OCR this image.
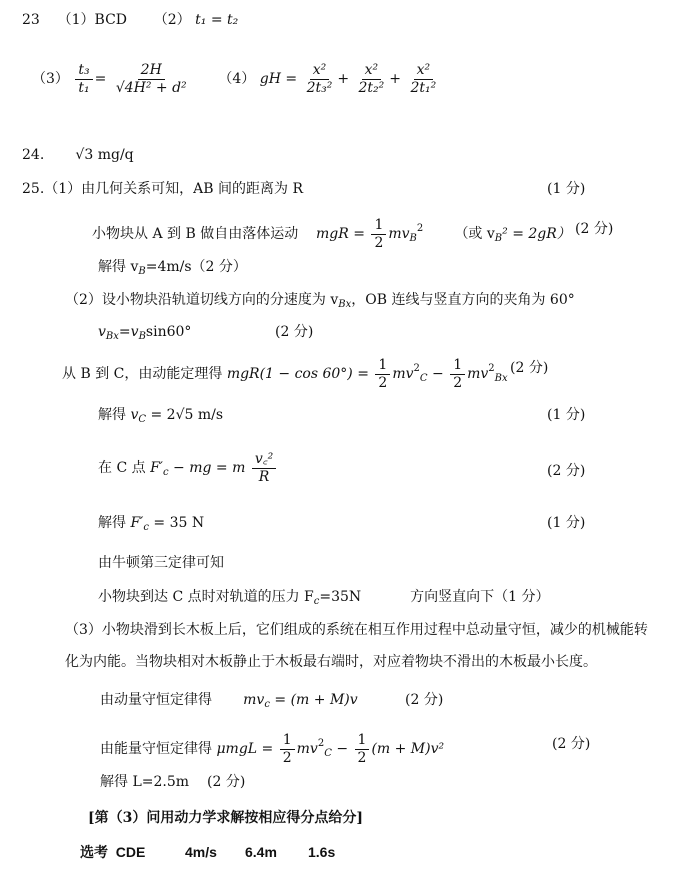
23 （1）BCD （2） t₁ = t₂
$(3) \frac{\text{t₃}}{\text{t₁}} = \frac{2H}{\text{√4H² + d²}} (4)$ gH = $\frac{\text{x²}}{\text{2t₃²}} + \frac{\text{x²}}{\text{2t₂²}} + \frac{\text{x²}}{\text{2t₁²}}$
24. √3 mg/q
25.（1）由几何关系可知，AB 间的距离为 R	(1 分)
小物块从 A 到 B 做自由落体运动 mgR = $\frac{1}{2} mv_B^2$ （或 $v_B^2 = 2gR$） (2 分)
解得 $v_B=4m/s(2$ 分）
（2）设小物块沿轨道切线方向的分速度为 $v_{Bx}$，OB 连线与竖直方向的夹角为 60°
$v_{Bx}=v_B\sin 60^\circ$	(2 分)
从 B 到 C，由动能定理得 $mgR(1 - \cos 60^\circ) = \frac{1}{2} mv^2_C - \frac{1}{2} mv^2_{Bx}$
(2 分)
解得 $v_C = 2√5$ m/s	(1 分)
在 C 点 $F'_c$ − mg = m $\frac{\text{v꜀²}}{R}$	(2 分)
解得 $F'_c = 35$ N	(1 分)
由牛顿第三定律可知
小物块到达 C 点时对轨道的压力 $F_c=35N$	方向竖直向下（1 分）
（3）小物块滑到长木板上后，它们组成的系统在相互作用过程中总动量守恒，减少的机械能转
化为内能。当物块相对木板静止于木板最右端时，对应着物块不滑出的木板最小长度。
由动量守恒定律得 $mv_c = (m + M)v$	(2 分)
由能量守恒定律得 $\mu mgL = \frac{1}{2} mv^2_C - \frac{1}{2} (m + M)v^2$	(2 分)
解得 L=2.5m (2 分)
[第（3）问用动力学求解按相应得分点给分]
选考 CDE	4m/s 6.4m 1.6s
